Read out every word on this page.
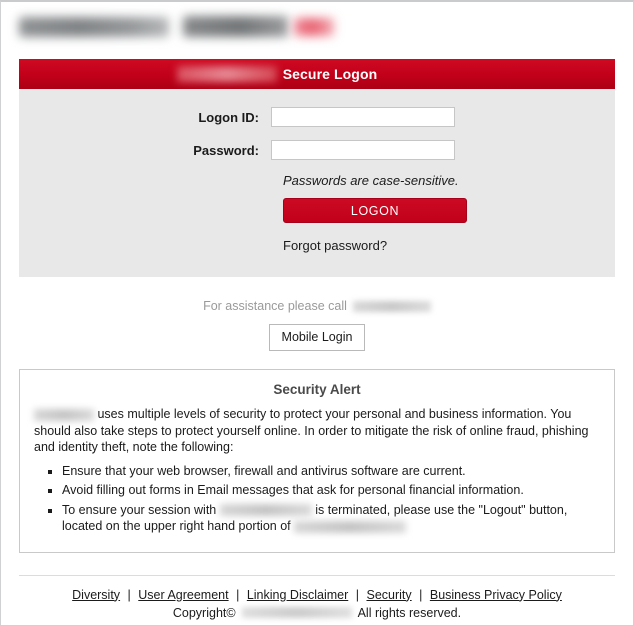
Secure Logon
Logon ID:
Password:
Passwords are case-sensitive.
LOGON
Forgot password?
For assistance please call
Mobile Login
Security Alert
uses multiple levels of security to protect your personal and business information. You should also take steps to protect yourself online. In order to mitigate the risk of online fraud, phishing and identity theft, note the following:
▪ Ensure that your web browser, firewall and antivirus software are current.
▪ Avoid filling out forms in Email messages that ask for personal financial information.
▪ To ensure your session with	is terminated, please use the "Logout" button, located on the upper right hand portion of
Diversity | User Agreement | Linking Disclaimer | Security | Business Privacy Policy
Copyright©	All rights reserved.
